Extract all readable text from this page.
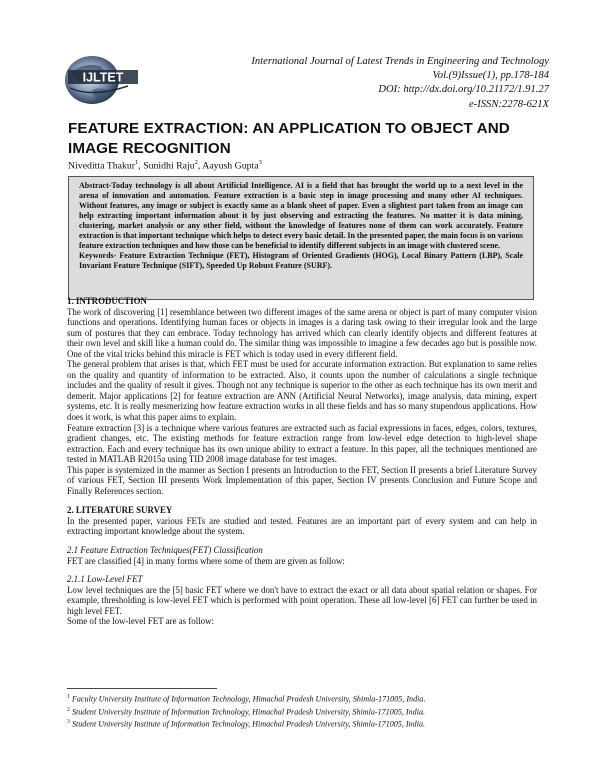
IJLTET
International Journal of Latest Trends in Engineering and Technology
Vol.(9)Issue(1), pp.178-184
DOI: http://dx.doi.org/10.21172/1.91.27
e-ISSN:2278-621X
FEATURE EXTRACTION: AN APPLICATION TO OBJECT AND IMAGE RECOGNITION
Niveditta Thakur$^1$, Sunidhi Raju$^2$, Aayush Gupta$^3$

Abstract-Today technology is all about Artificial Intelligence. AI is a field that has brought the world up to a next level in the arena of innovation and automation. Feature extraction is a basic step in image processing and many other AI techniques. Without features, any image or subject is exactly same as a blank sheet of paper. Even a slightest part taken from an image can help extracting important information about it by just observing and extracting the features. No matter it is data mining, clustering, market analysis or any other field, without the knowledge of features none of them can work accurately. Feature extraction is that important technique which helps to detect every basic detail. In the presented paper, the main focus is on various feature extraction techniques and how those can be beneficial to identify different subjects in an image with clustered scene.

Keywords- Feature Extraction Technique (FET), Histogram of Oriented Gradients (HOG), Local Binary Pattern (LBP), Scale Invariant Feature Technique (SIFT), Speeded Up Robust Feature (SURF).

1. INTRODUCTION

The work of discovering [1] resemblance between two different images of the same arena or object is part of many computer vision functions and operations. Identifying human faces or objects in images is a daring task owing to their irregular look and the large sum of postures that they can embrace. Today technology has arrived which can clearly identify objects and different features at their own level and skill like a human could do. The similar thing was impossible to imagine a few decades ago but is possible now. One of the vital tricks behind this miracle is FET which is today used in every different field.

The general problem that arises is that, which FET must be used for accurate information extraction. But explanation to same relies on the quality and quantity of information to be extracted. Also, it counts upon the number of calculations a single technique includes and the quality of result it gives. Though not any technique is superior to the other as each technique has its own merit and demerit. Major applications [2] for feature extraction are ANN (Artificial Neural Networks), image analysis, data mining, expert systems, etc. It is really mesmerizing how feature extraction works in all these fields and has so many stupendous applications. How does it work, is what this paper aims to explain.

Feature extraction [3] is a technique where various features are extracted such as facial expressions in faces, edges, colors, textures, gradient changes, etc. The existing methods for feature extraction range from low-level edge detection to high-level shape extraction. Each and every technique has its own unique ability to extract a feature. In this paper, all the techniques mentioned are tested in MATLAB R2015a using TID 2008 image database for test images.

This paper is systemized in the manner as Section I presents an Introduction to the FET, Section II presents a brief Literature Survey of various FET, Section III presents Work Implementation of this paper, Section IV presents Conclusion and Future Scope and Finally References section.

2. LITERATURE SURVEY

In the presented paper, various FETs are studied and tested. Features are an important part of every system and can help in extracting important knowledge about the system.

2.1 Feature Extraction Techniques(FET) Classification

FET are classified [4] in many forms where some of them are given as follow:

2.1.1 Low-Level FET

Low level techniques are the [5] basic FET where we don't have to extract the exact or all data about spatial relation or shapes. For example, thresholding is low-level FET which is performed with point operation. These all low-level [6] FET can further be used in high level FET.

Some of the low-level FET are as follow:

$^1$ Faculty University Institute of Information Technology, Himachal Pradesh University, Shimla-171005, India.

$^2$ Student University Institute of Information Technology, Himachal Pradesh University, Shimla-171005, India.

$^3$ Student University Institute of Information Technology, Himachal Pradesh University, Shimla-171005, India.
